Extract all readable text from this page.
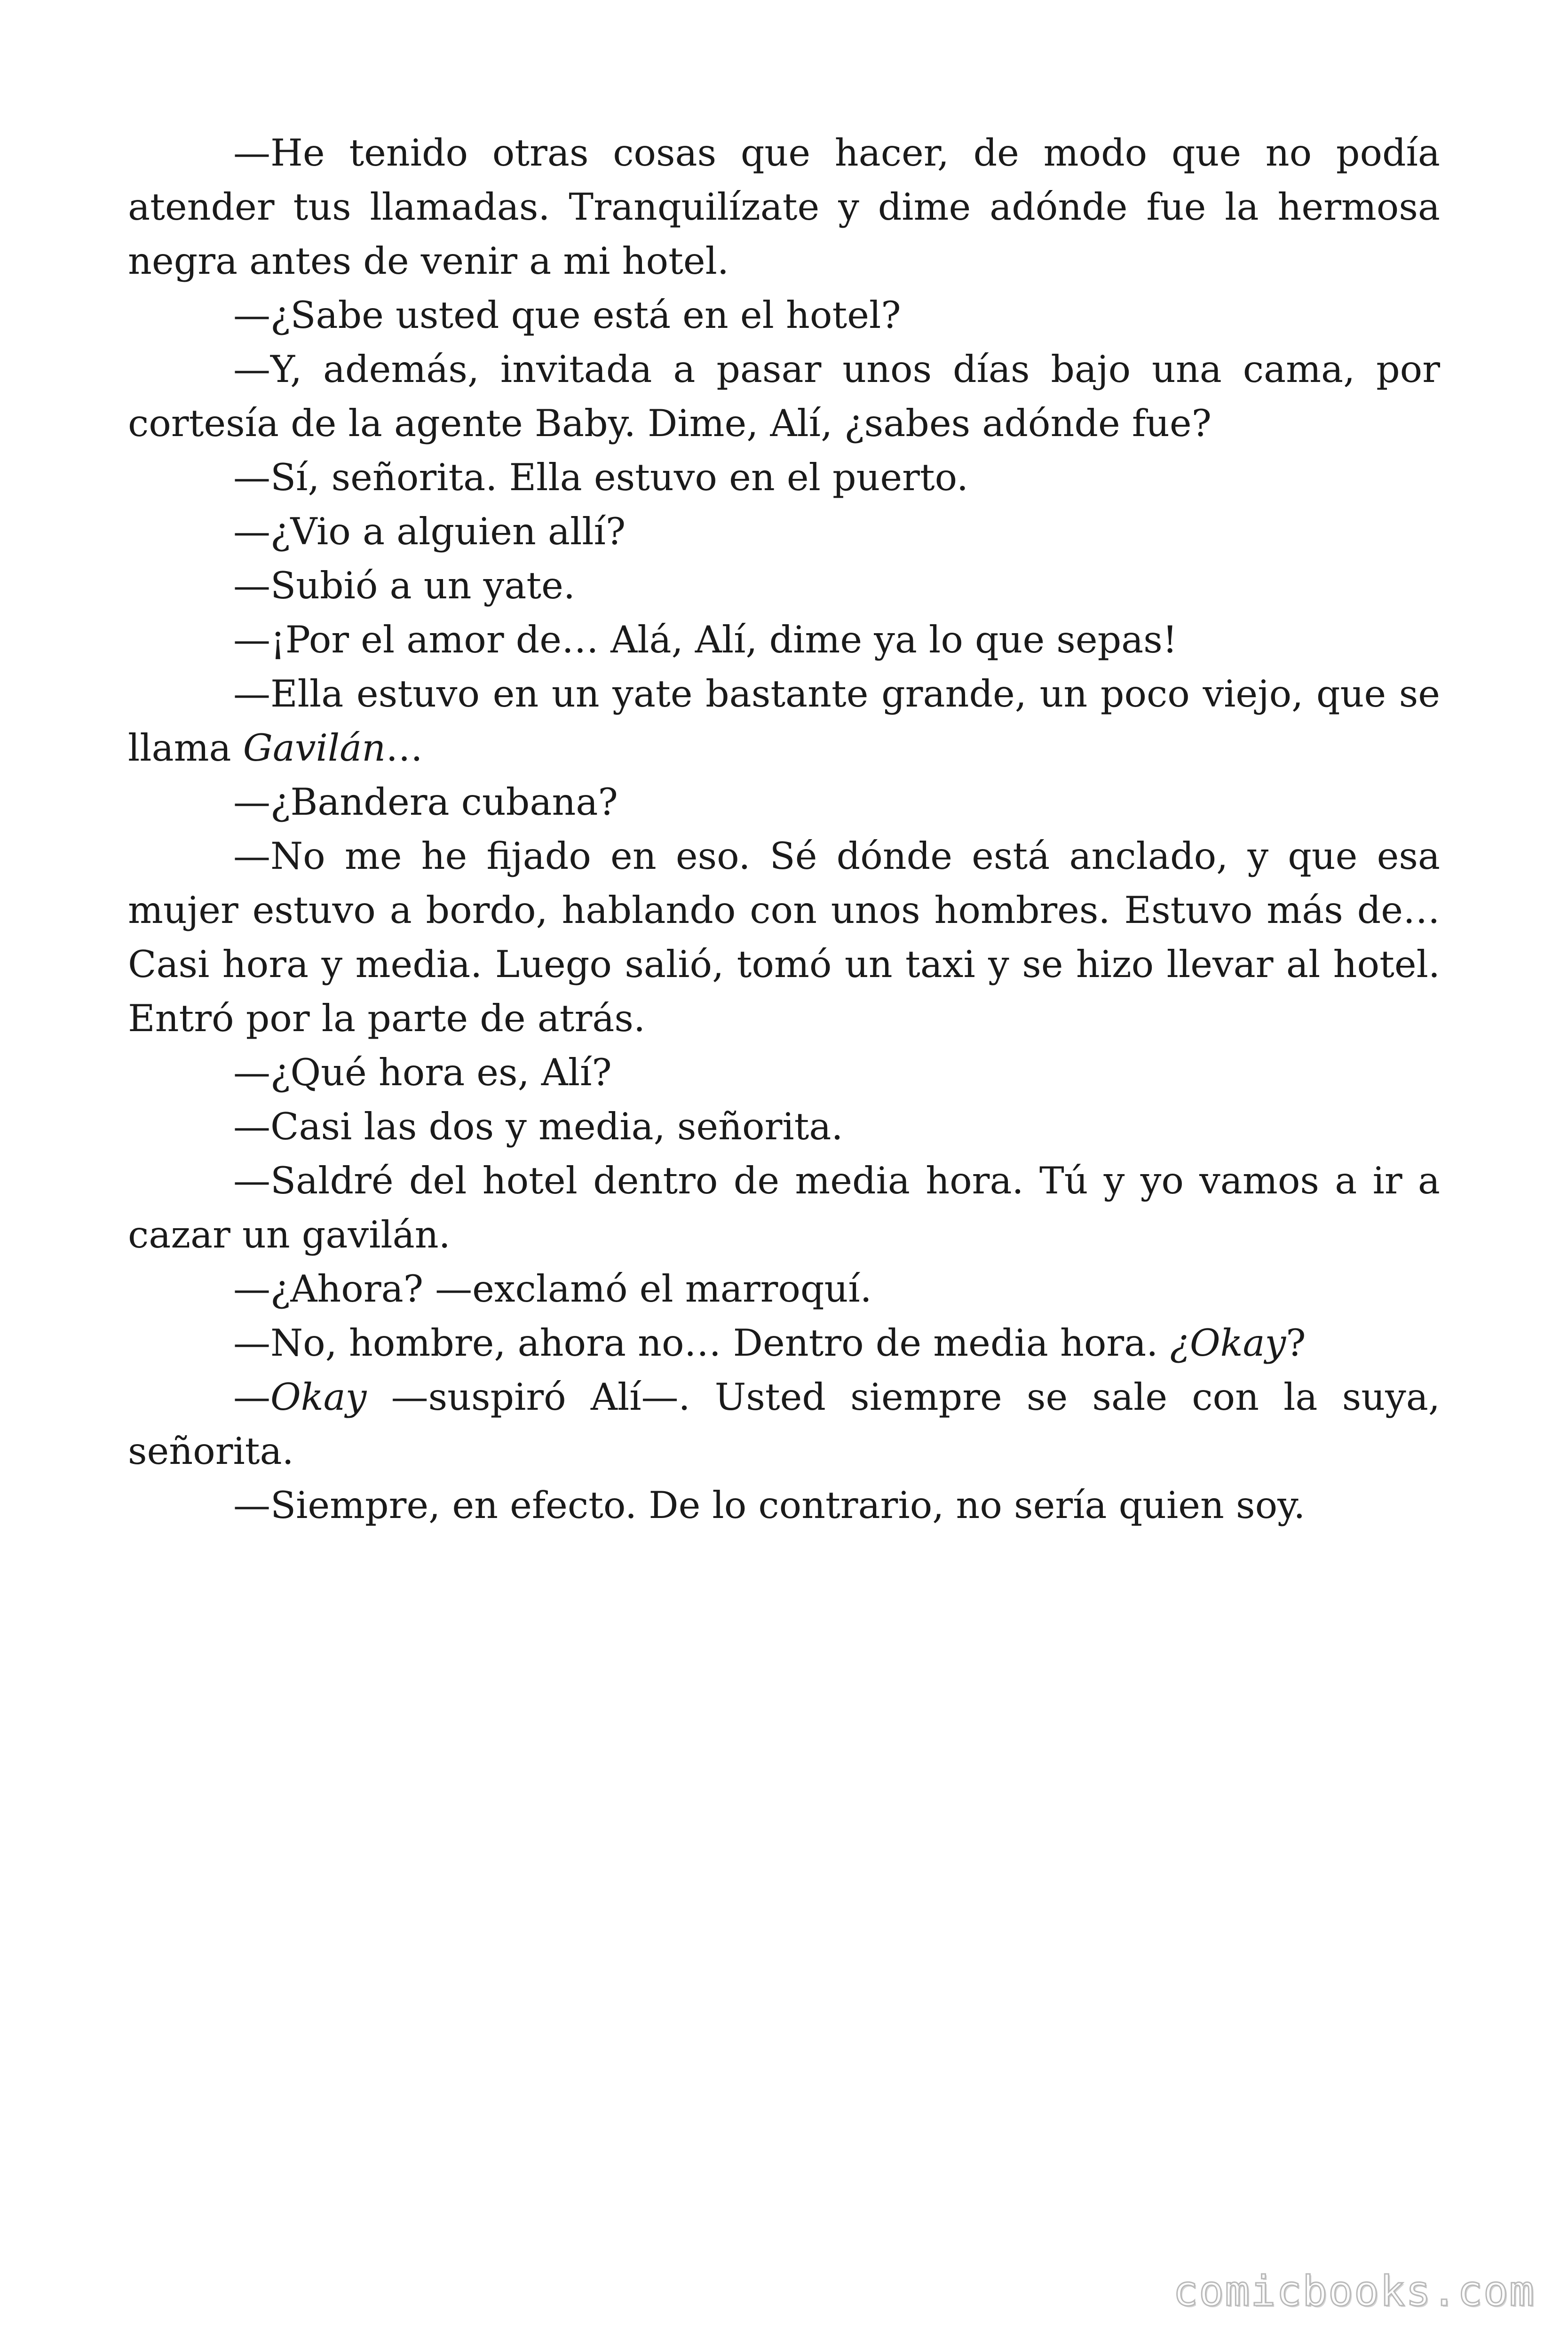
—He tenido otras cosas que hacer, de modo que no podía atender tus llamadas. Tranquilízate y dime adónde fue la hermosa negra antes de venir a mi hotel.

—¿Sabe usted que está en el hotel?

—Y, además, invitada a pasar unos días bajo una cama, por cortesía de la agente Baby. Dime, Alí, ¿sabes adónde fue?

—Sí, señorita. Ella estuvo en el puerto.

—¿Vio a alguien allí?

—Subió a un yate.

—¡Por el amor de… Alá, Alí, dime ya lo que sepas!

—Ella estuvo en un yate bastante grande, un poco viejo, que se llama Gavilán…

—¿Bandera cubana?

—No me he fijado en eso. Sé dónde está anclado, y que esa mujer estuvo a bordo, hablando con unos hombres. Estuvo más de… Casi hora y media. Luego salió, tomó un taxi y se hizo llevar al hotel. Entró por la parte de atrás.

—¿Qué hora es, Alí?

—Casi las dos y media, señorita.

—Saldré del hotel dentro de media hora. Tú y yo vamos a ir a cazar un gavilán.

—¿Ahora? —exclamó el marroquí.

—No, hombre, ahora no… Dentro de media hora. ¿Okay?

—Okay —suspiró Alí—. Usted siempre se sale con la suya, señorita.

—Siempre, en efecto. De lo contrario, no sería quien soy.

comicbooks.com
